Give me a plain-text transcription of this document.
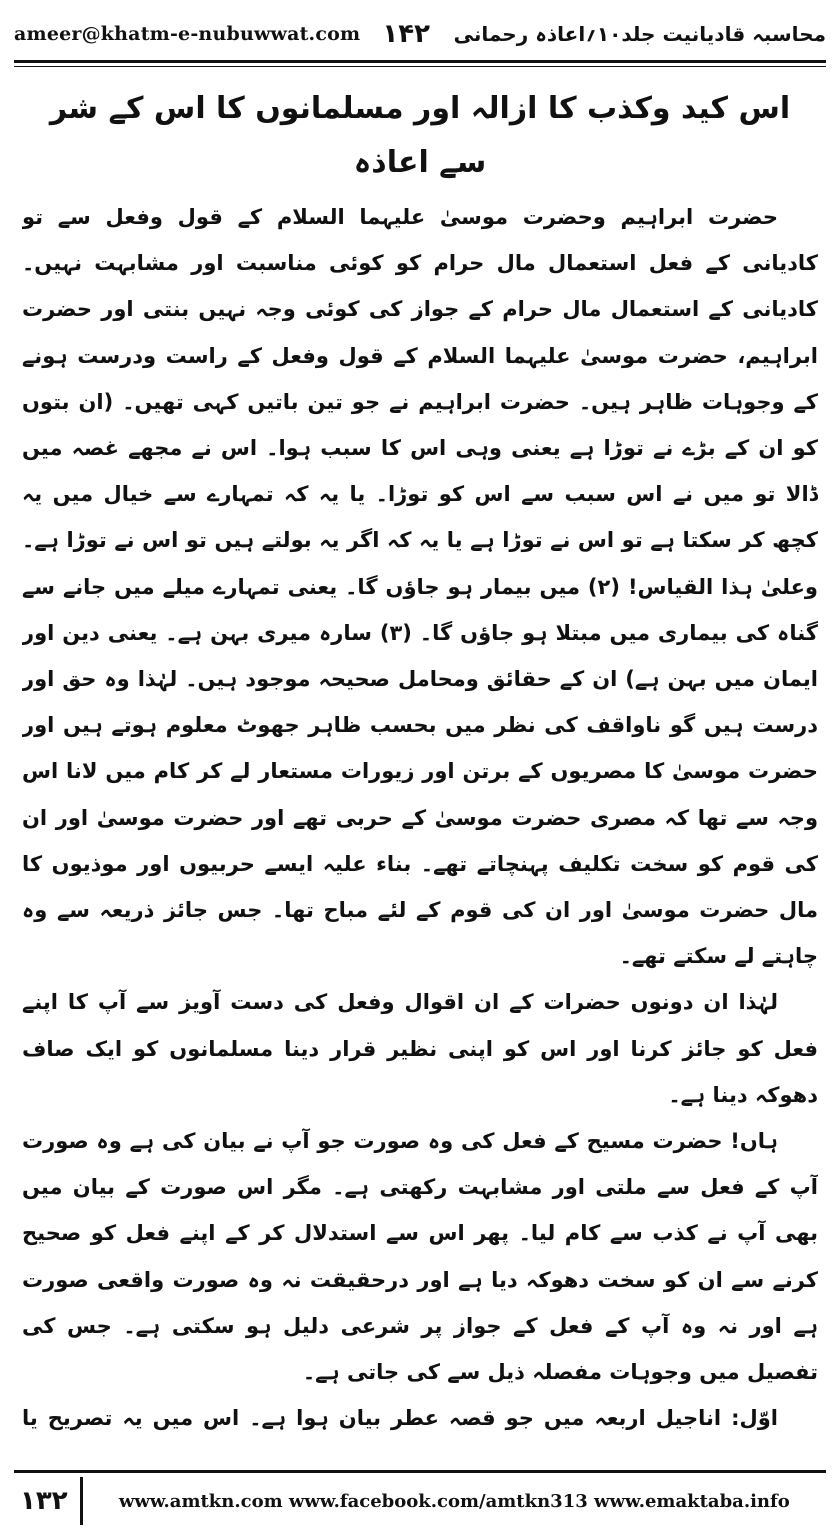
ameer@khatm-e-nubuwwat.com ۱۴۲ محاسبہ قادیانیت جلد۱۰؍اعاذہ رحمانی
اس کید وکذب کا ازالہ اور مسلمانوں کا اس کے شر سے اعاذہ

حضرت ابراہیم وحضرت موسیٰ علیہما السلام کے قول وفعل سے تو کادیانی کے فعل استعمال مال حرام کو کوئی مناسبت اور مشابہت نہیں۔ کادیانی کے استعمال مال حرام کے جواز کی کوئی وجہ نہیں بنتی اور حضرت ابراہیم، حضرت موسیٰ علیہما السلام کے قول وفعل کے راست ودرست ہونے کے وجوہات ظاہر ہیں۔ حضرت ابراہیم نے جو تین باتیں کہی تھیں۔ (ان بتوں کو ان کے بڑے نے توڑا ہے یعنی وہی اس کا سبب ہوا۔ اس نے مجھے غصہ میں ڈالا تو میں نے اس سبب سے اس کو توڑا۔ یا یہ کہ تمہارے سے خیال میں یہ کچھ کر سکتا ہے تو اس نے توڑا ہے یا یہ کہ اگر یہ بولتے ہیں تو اس نے توڑا ہے۔ وعلیٰ ہذا القیاس! (۲) میں بیمار ہو جاؤں گا۔ یعنی تمہارے میلے میں جانے سے گناہ کی بیماری میں مبتلا ہو جاؤں گا۔ (۳) سارہ میری بہن ہے۔ یعنی دین اور ایمان میں بہن ہے) ان کے حقائق ومحامل صحیحہ موجود ہیں۔ لہٰذا وہ حق اور درست ہیں گو ناواقف کی نظر میں بحسب ظاہر جھوٹ معلوم ہوتے ہیں اور حضرت موسیٰ کا مصریوں کے برتن اور زیورات مستعار لے کر کام میں لانا اس وجہ سے تھا کہ مصری حضرت موسیٰ کے حربی تھے اور حضرت موسیٰ اور ان کی قوم کو سخت تکلیف پہنچاتے تھے۔ بناء علیہ ایسے حربیوں اور موذیوں کا مال حضرت موسیٰ اور ان کی قوم کے لئے مباح تھا۔ جس جائز ذریعہ سے وہ چاہتے لے سکتے تھے۔

لہٰذا ان دونوں حضرات کے ان اقوال وفعل کی دست آویز سے آپ کا اپنے فعل کو جائز کرنا اور اس کو اپنی نظیر قرار دینا مسلمانوں کو ایک صاف دھوکہ دینا ہے۔

ہاں! حضرت مسیح کے فعل کی وہ صورت جو آپ نے بیان کی ہے وہ صورت آپ کے فعل سے ملتی اور مشابہت رکھتی ہے۔ مگر اس صورت کے بیان میں بھی آپ نے کذب سے کام لیا۔ پھر اس سے استدلال کر کے اپنے فعل کو صحیح کرنے سے ان کو سخت دھوکہ دیا ہے اور درحقیقت نہ وہ صورت واقعی صورت ہے اور نہ وہ آپ کے فعل کے جواز پر شرعی دلیل ہو سکتی ہے۔ جس کی تفصیل میں وجوہات مفصلہ ذیل سے کی جاتی ہے۔

اوّل: اناجیل اربعہ میں جو قصہ عطر بیان ہوا ہے۔ اس میں یہ تصریح یا

۱۳۲	www.amtkn.com www.facebook.com/amtkn313 www.emaktaba.info
